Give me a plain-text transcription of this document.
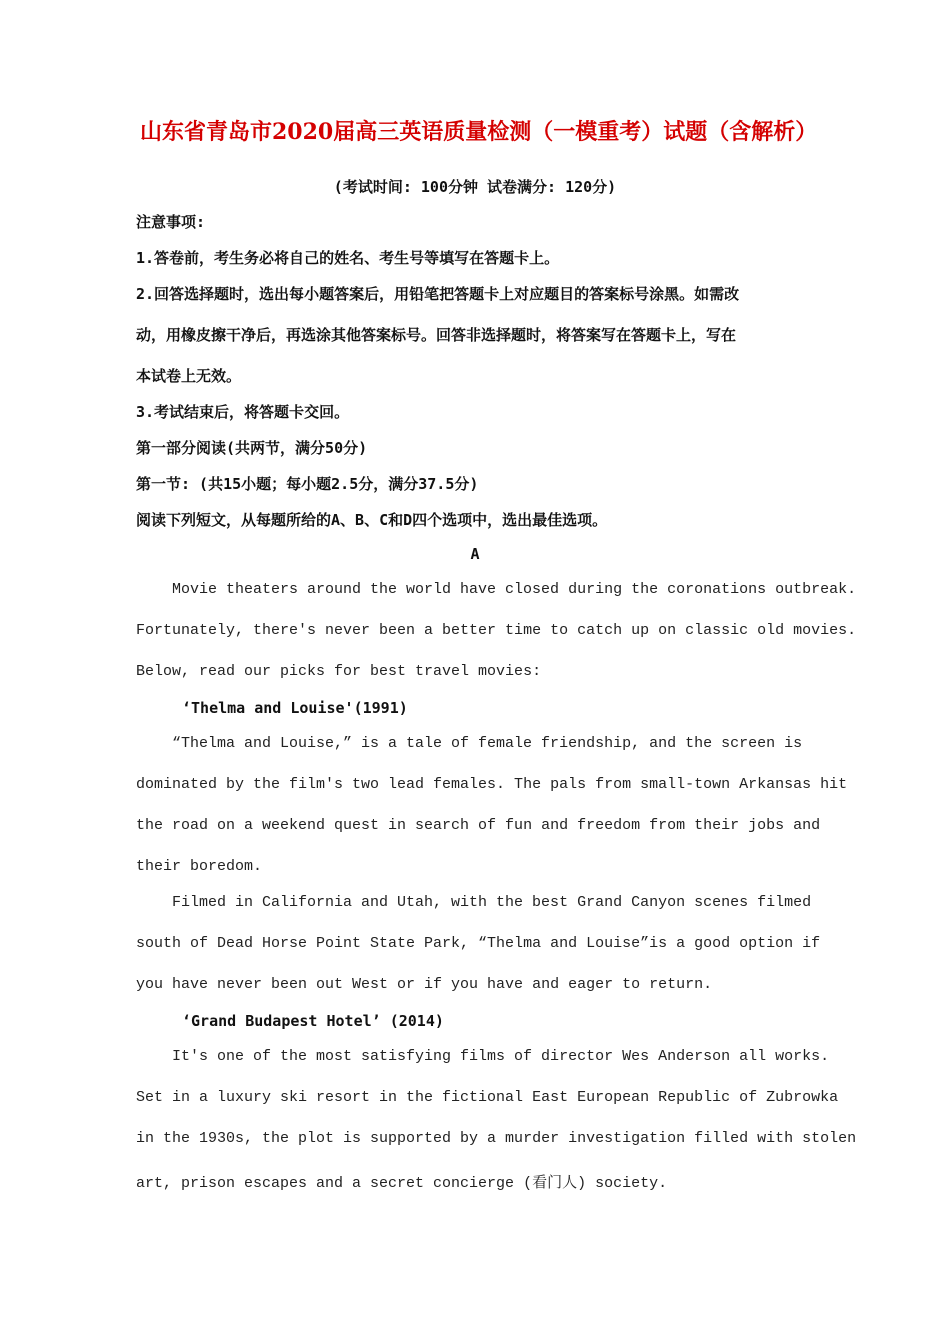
山东省青岛市2020届高三英语质量检测（一模重考）试题（含解析）
(考试时间: 100分钟 试卷满分: 120分)
注意事项:
1.答卷前，考生务必将自己的姓名、考生号等填写在答题卡上。
2.回答选择题时，选出每小题答案后，用铅笔把答题卡上对应题目的答案标号涂黑。如需改
动，用橡皮擦干净后，再选涂其他答案标号。回答非选择题时，将答案写在答题卡上，写在
本试卷上无效。
3.考试结束后，将答题卡交回。
第一部分阅读(共两节，满分50分)
第一节: (共15小题；每小题2.5分，满分37.5分)
阅读下列短文，从每题所给的A、B、C和D四个选项中，选出最佳选项。
A
Movie theaters around the world have closed during the coronations outbreak.
Fortunately, there's never been a better time to catch up on classic old movies.
Below, read our picks for best travel movies:
‘Thelma and Louise'(1991)
“Thelma and Louise,” is a tale of female friendship, and the screen is
dominated by the film's two lead females. The pals from small-town Arkansas hit
the road on a weekend quest in search of fun and freedom from their jobs and
their boredom.
Filmed in California and Utah, with the best Grand Canyon scenes filmed
south of Dead Horse Point State Park, “Thelma and Louise”is a good option if
you have never been out West or if you have and eager to return.
‘Grand Budapest Hotel’ (2014)
It's one of the most satisfying films of director Wes Anderson all works.
Set in a luxury ski resort in the fictional East European Republic of Zubrowka
in the 1930s, the plot is supported by a murder investigation filled with stolen
art, prison escapes and a secret concierge (看门人) society.
